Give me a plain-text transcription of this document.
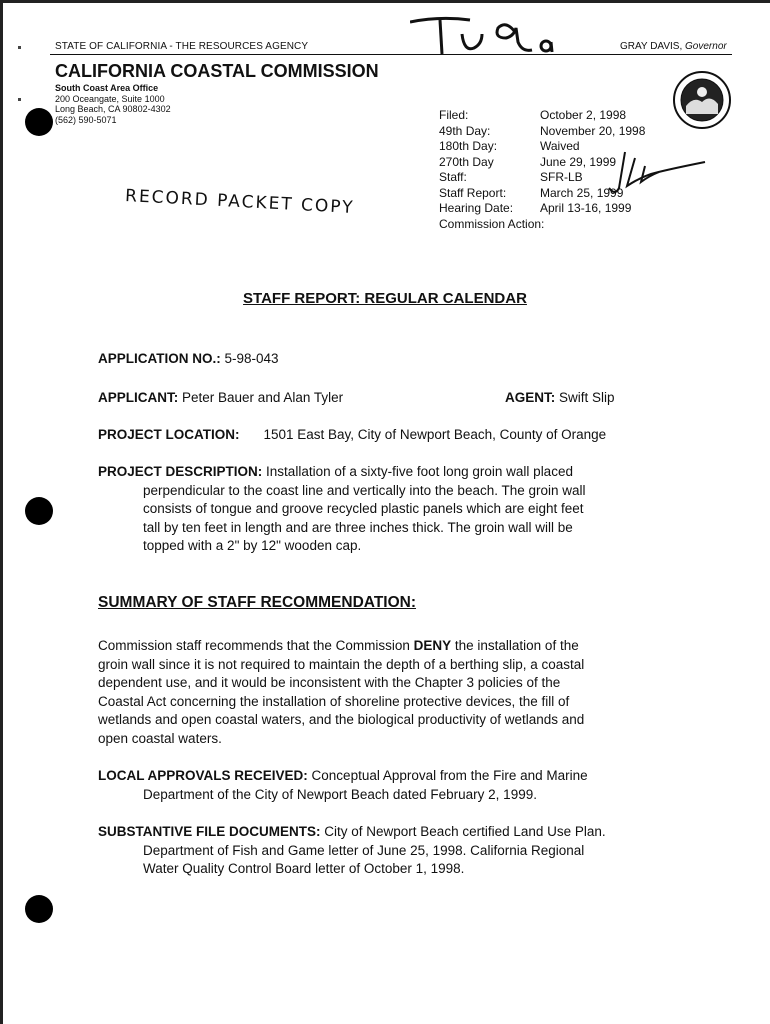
STATE OF CALIFORNIA - THE RESOURCES AGENCY	GRAY DAVIS, Governor
CALIFORNIA COASTAL COMMISSION
South Coast Area Office
200 Oceangate, Suite 1000
Long Beach, CA 90802-4302
(562) 590-5071	Filed:	October 2, 1998
49th Day:	November 20, 1998
180th Day:	Waived
270th Day	June 29, 1999
Staff:	SFR-LB
Staff Report:	March 25, 1999
Hearing Date:	April 13-16, 1999
Commission Action:
RECORD PACKET COPY
STAFF REPORT: REGULAR CALENDAR
APPLICATION NO.: 5-98-043
APPLICANT: Peter Bauer and Alan Tyler	AGENT: Swift Slip
PROJECT LOCATION: 1501 East Bay, City of Newport Beach, County of Orange
PROJECT DESCRIPTION: Installation of a sixty-five foot long groin wall placed
perpendicular to the coast line and vertically into the beach. The groin wall
consists of tongue and groove recycled plastic panels which are eight feet
tall by ten feet in length and are three inches thick. The groin wall will be
topped with a 2" by 12" wooden cap.
SUMMARY OF STAFF RECOMMENDATION:
Commission staff recommends that the Commission DENY the installation of the
groin wall since it is not required to maintain the depth of a berthing slip, a coastal
dependent use, and it would be inconsistent with the Chapter 3 policies of the
Coastal Act concerning the installation of shoreline protective devices, the fill of
wetlands and open coastal waters, and the biological productivity of wetlands and
open coastal waters.
LOCAL APPROVALS RECEIVED: Conceptual Approval from the Fire and Marine
Department of the City of Newport Beach dated February 2, 1999.
SUBSTANTIVE FILE DOCUMENTS: City of Newport Beach certified Land Use Plan.
Department of Fish and Game letter of June 25, 1998. California Regional
Water Quality Control Board letter of October 1, 1998.
